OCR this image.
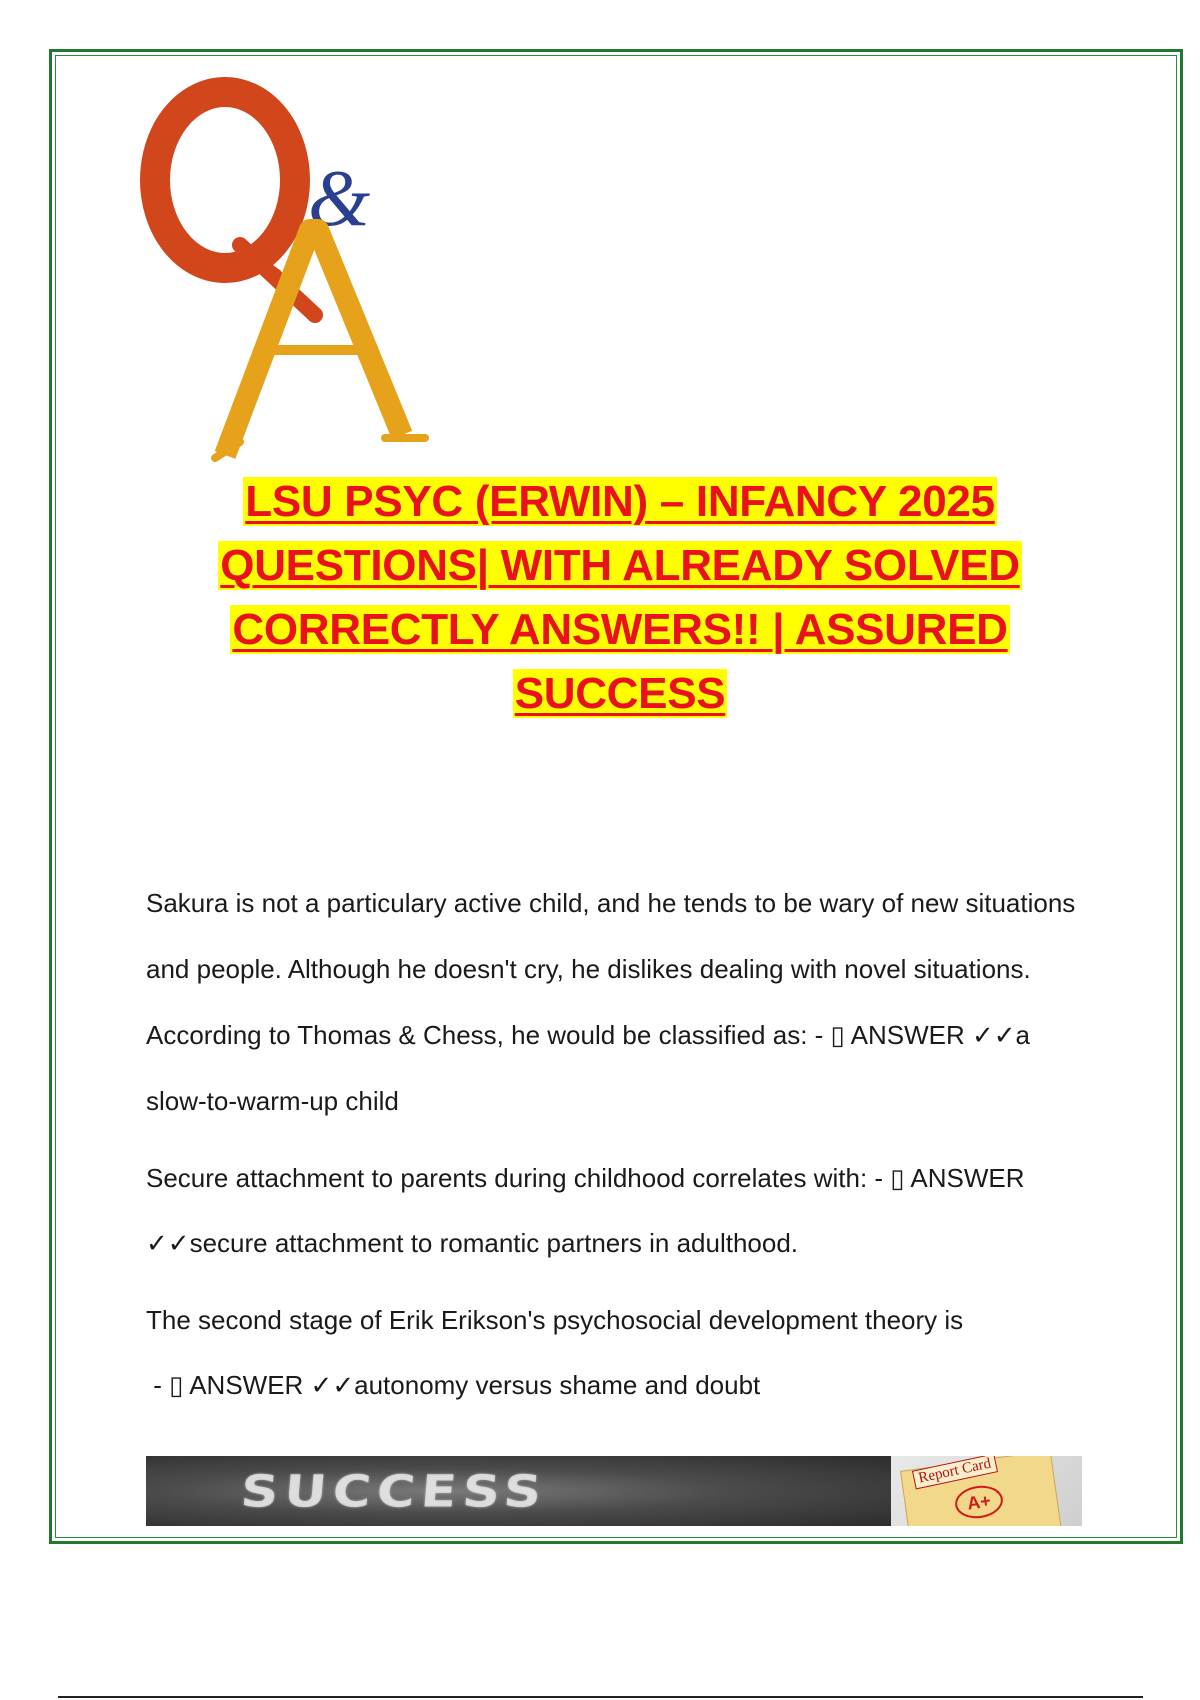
&
LSU PSYC (ERWIN) – INFANCY 2025
QUESTIONS| WITH ALREADY SOLVED
CORRECTLY ANSWERS!! | ASSURED
SUCCESS
Sakura is not a particulary active child, and he tends to be wary of new situations and people. Although he doesn't cry, he dislikes dealing with novel situations. According to Thomas & Chess, he would be classified as: - ▯ ANSWER ✓✓a slow-to-warm-up child
Secure attachment to parents during childhood correlates with: - ▯ ANSWER ✓✓secure attachment to romantic partners in adulthood.
The second stage of Erik Erikson's psychosocial development theory is - ▯ ANSWER ✓✓autonomy versus shame and doubt
SUCCESS	Report Card
A+
